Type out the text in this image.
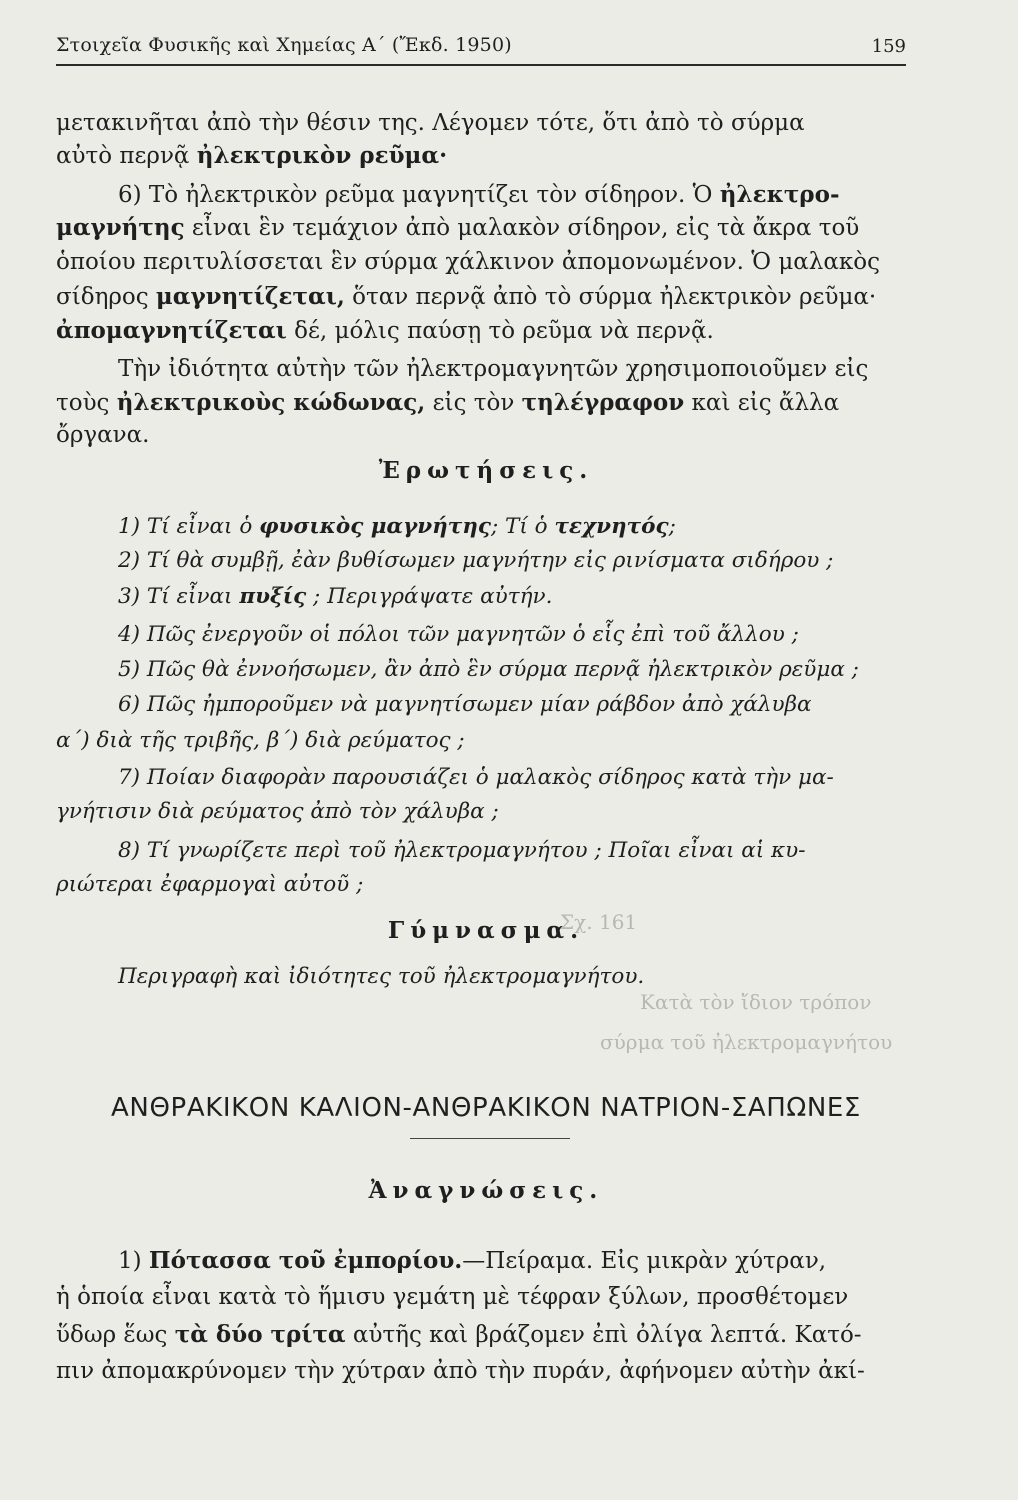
Σχ. 161
Κατὰ τὸν ἴδιον τρόπον
σύρμα τοῦ ἠλεκτρομαγνήτου
Στοιχεῖα Φυσικῆς καὶ Χημείας Α΄ (Ἔκδ. 1950)	159
μετακινῆται ἀπὸ τὴν θέσιν της. Λέγομεν τότε, ὅτι ἀπὸ τὸ σύρμα
αὐτὸ περνᾷ ἠλεκτρικὸν ρεῦμα·
6) Τὸ ἠλεκτρικὸν ρεῦμα μαγνητίζει τὸν σίδηρον. Ὁ ἠλεκτρο-
μαγνήτης εἶναι ἓν τεμάχιον ἀπὸ μαλακὸν σίδηρον, εἰς τὰ ἄκρα τοῦ
ὁποίου περιτυλίσσεται ἓν σύρμα χάλκινον ἀπομονωμένον. Ὁ μαλακὸς
σίδηρος μαγνητίζεται, ὅταν περνᾷ ἀπὸ τὸ σύρμα ἠλεκτρικὸν ρεῦμα·
ἀπομαγνητίζεται δέ, μόλις παύσῃ τὸ ρεῦμα νὰ περνᾷ.
Τὴν ἰδιότητα αὐτὴν τῶν ἠλεκτρομαγνητῶν χρησιμοποιοῦμεν εἰς
τοὺς ἠλεκτρικοὺς κώδωνας, εἰς τὸν τηλέγραφον καὶ εἰς ἄλλα
ὄργανα.
Ἐρωτήσεις.
1) Τί εἶναι ὁ φυσικὸς μαγνήτης; Τί ὁ τεχνητός;
2) Τί θὰ συμβῇ, ἐὰν βυθίσωμεν μαγνήτην εἰς ρινίσματα σιδήρου ;
3) Τί εἶναι πυξίς ; Περιγράψατε αὐτήν.
4) Πῶς ἐνεργοῦν οἱ πόλοι τῶν μαγνητῶν ὁ εἷς ἐπὶ τοῦ ἄλλου ;
5) Πῶς θὰ ἐννοήσωμεν, ἂν ἀπὸ ἓν σύρμα περνᾷ ἠλεκτρικὸν ρεῦμα ;
6) Πῶς ἠμποροῦμεν νὰ μαγνητίσωμεν μίαν ράβδον ἀπὸ χάλυβα
α΄) διὰ τῆς τριβῆς, β΄) διὰ ρεύματος ;
7) Ποίαν διαφορὰν παρουσιάζει ὁ μαλακὸς σίδηρος κατὰ τὴν μα-
γνήτισιν διὰ ρεύματος ἀπὸ τὸν χάλυβα ;
8) Τί γνωρίζετε περὶ τοῦ ἠλεκτρομαγνήτου ; Ποῖαι εἶναι αἱ κυ-
ριώτεραι ἐφαρμογαὶ αὐτοῦ ;
Γύμνασμα.
Περιγραφὴ καὶ ἰδιότητες τοῦ ἠλεκτρομαγνήτου.
ΑΝΘΡΑΚΙΚΟΝ ΚΑΛΙΟΝ-ΑΝΘΡΑΚΙΚΟΝ ΝΑΤΡΙΟΝ-ΣΑΠΩΝΕΣ
Ἀναγνώσεις.
1) Πότασσα τοῦ ἐμπορίου.—Πείραμα. Εἰς μικρὰν χύτραν,
ἡ ὁποία εἶναι κατὰ τὸ ἥμισυ γεμάτη μὲ τέφραν ξύλων, προσθέτομεν
ὕδωρ ἕως τὰ δύο τρίτα αὐτῆς καὶ βράζομεν ἐπὶ ὀλίγα λεπτά. Κατό-
πιν ἀπομακρύνομεν τὴν χύτραν ἀπὸ τὴν πυράν, ἀφήνομεν αὐτὴν ἀκί-
